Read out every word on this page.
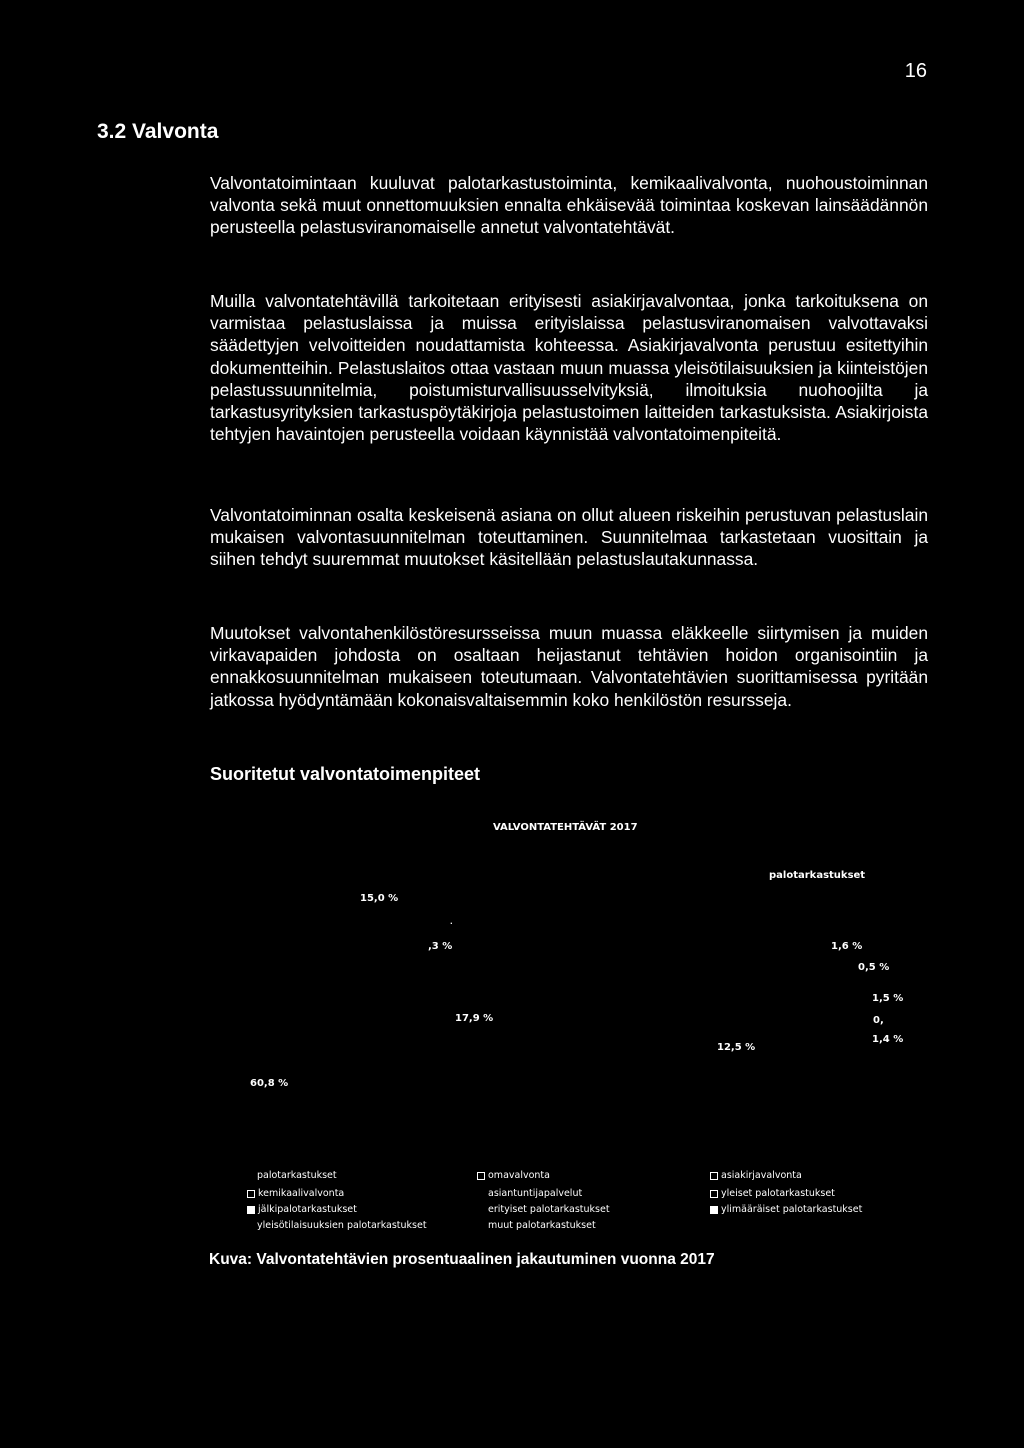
16
3.2 Valvonta

Valvontatoimintaan kuuluvat palotarkastustoiminta, kemikaalivalvonta, nuohoustoiminnan valvonta sekä muut onnettomuuksien ennalta ehkäisevää toimintaa koskevan lainsäädännön perusteella pelastusviranomaiselle annetut valvontatehtävät.

Muilla valvontatehtävillä tarkoitetaan erityisesti asiakirjavalvontaa, jonka tarkoituksena on varmistaa pelastuslaissa ja muissa erityislaissa pelastusviranomaisen valvottavaksi säädettyjen velvoitteiden noudattamista kohteessa. Asiakirjavalvonta perustuu esitettyihin dokumentteihin. Pelastuslaitos ottaa vastaan muun muassa yleisötilaisuuksien ja kiinteistöjen pelastussuunnitelmia, poistumisturvallisuusselvityksiä, ilmoituksia nuohoojilta ja tarkastusyrityksien tarkastuspöytäkirjoja pelastustoimen laitteiden tarkastuksista. Asiakirjoista tehtyjen havaintojen perusteella voidaan käynnistää valvontatoimenpiteitä.

Valvontatoiminnan osalta keskeisenä asiana on ollut alueen riskeihin perustuvan pelastuslain mukaisen valvontasuunnitelman toteuttaminen. Suunnitelmaa tarkastetaan vuosittain ja siihen tehdyt suuremmat muutokset käsitellään pelastuslautakunnassa.

Muutokset valvontahenkilöstöresursseissa muun muassa eläkkeelle siirtymisen ja muiden virkavapaiden johdosta on osaltaan heijastanut tehtävien hoidon organisointiin ja ennakkosuunnitelman mukaiseen toteutumaan. Valvontatehtävien suorittamisessa pyritään jatkossa hyödyntämään kokonaisvaltaisemmin koko henkilöstön resursseja.

Suoritetut valvontatoimenpiteet
VALVONTATEHTÄVÄT 2017
palotarkastukset
15,0 %
.
,3 %	1,6 %
0,5 %
1,5 %
17,9 %	0,
12,5 %
1,4 %
60,8 %
palotarkastukset	omavalvonta	asiakirjavalvonta
kemikaalivalvonta	asiantuntijapalvelut	yleiset palotarkastukset
jälkipalotarkastukset	erityiset palotarkastukset	ylimääräiset palotarkastukset
yleisötilaisuuksien palotarkastukset	muut palotarkastukset

Kuva: Valvontatehtävien prosentuaalinen jakautuminen vuonna 2017
